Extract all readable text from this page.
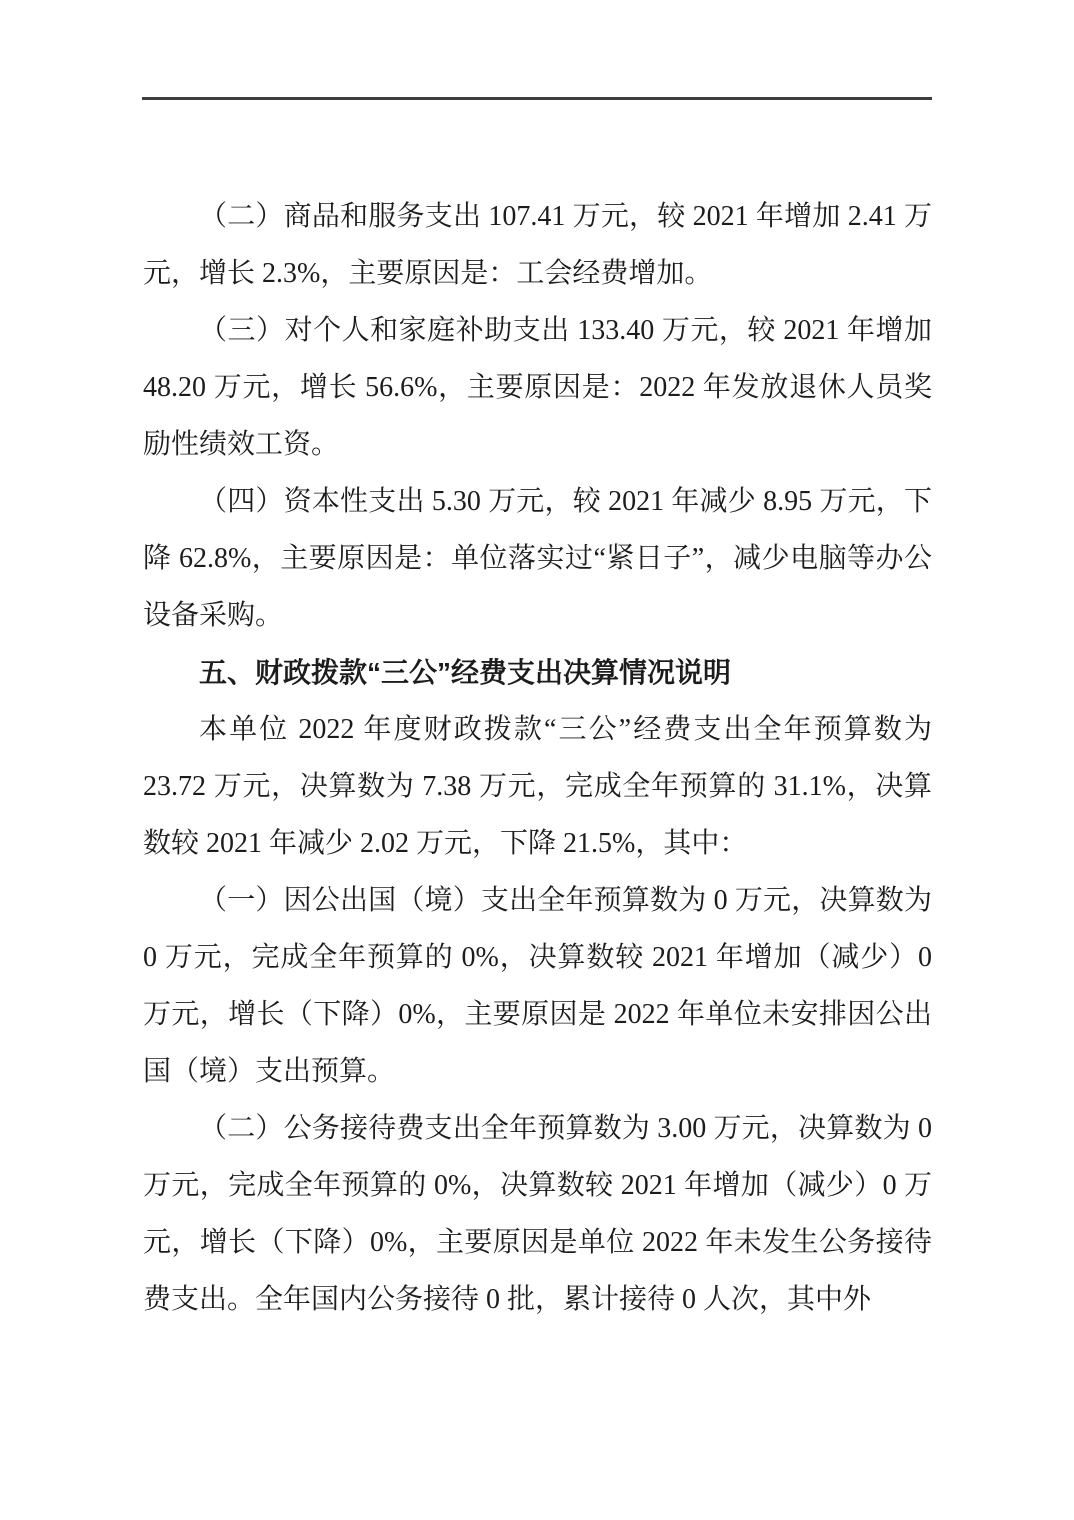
（二）商品和服务支出 107.41 万元，较 2021 年增加 2.41 万元，增长 2.3%，主要原因是：工会经费增加。

（三）对个人和家庭补助支出 133.40 万元，较 2021 年增加 48.20 万元，增长 56.6%，主要原因是：2022 年发放退休人员奖励性绩效工资。

（四）资本性支出 5.30 万元，较 2021 年减少 8.95 万元，下降 62.8%，主要原因是：单位落实过“紧日子”，减少电脑等办公设备采购。

五、财政拨款“三公”经费支出决算情况说明

本单位 2022 年度财政拨款“三公”经费支出全年预算数为 23.72 万元，决算数为 7.38 万元，完成全年预算的 31.1%，决算数较 2021 年减少 2.02 万元，下降 21.5%，其中：

（一）因公出国（境）支出全年预算数为 0 万元，决算数为 0 万元，完成全年预算的 0%，决算数较 2021 年增加（减少）0 万元，增长（下降）0%，主要原因是 2022 年单位未安排因公出国（境）支出预算。

（二）公务接待费支出全年预算数为 3.00 万元，决算数为 0 万元，完成全年预算的 0%，决算数较 2021 年增加（减少）0 万元，增长（下降）0%，主要原因是单位 2022 年未发生公务接待费支出。全年国内公务接待 0 批，累计接待 0 人次，其中外
